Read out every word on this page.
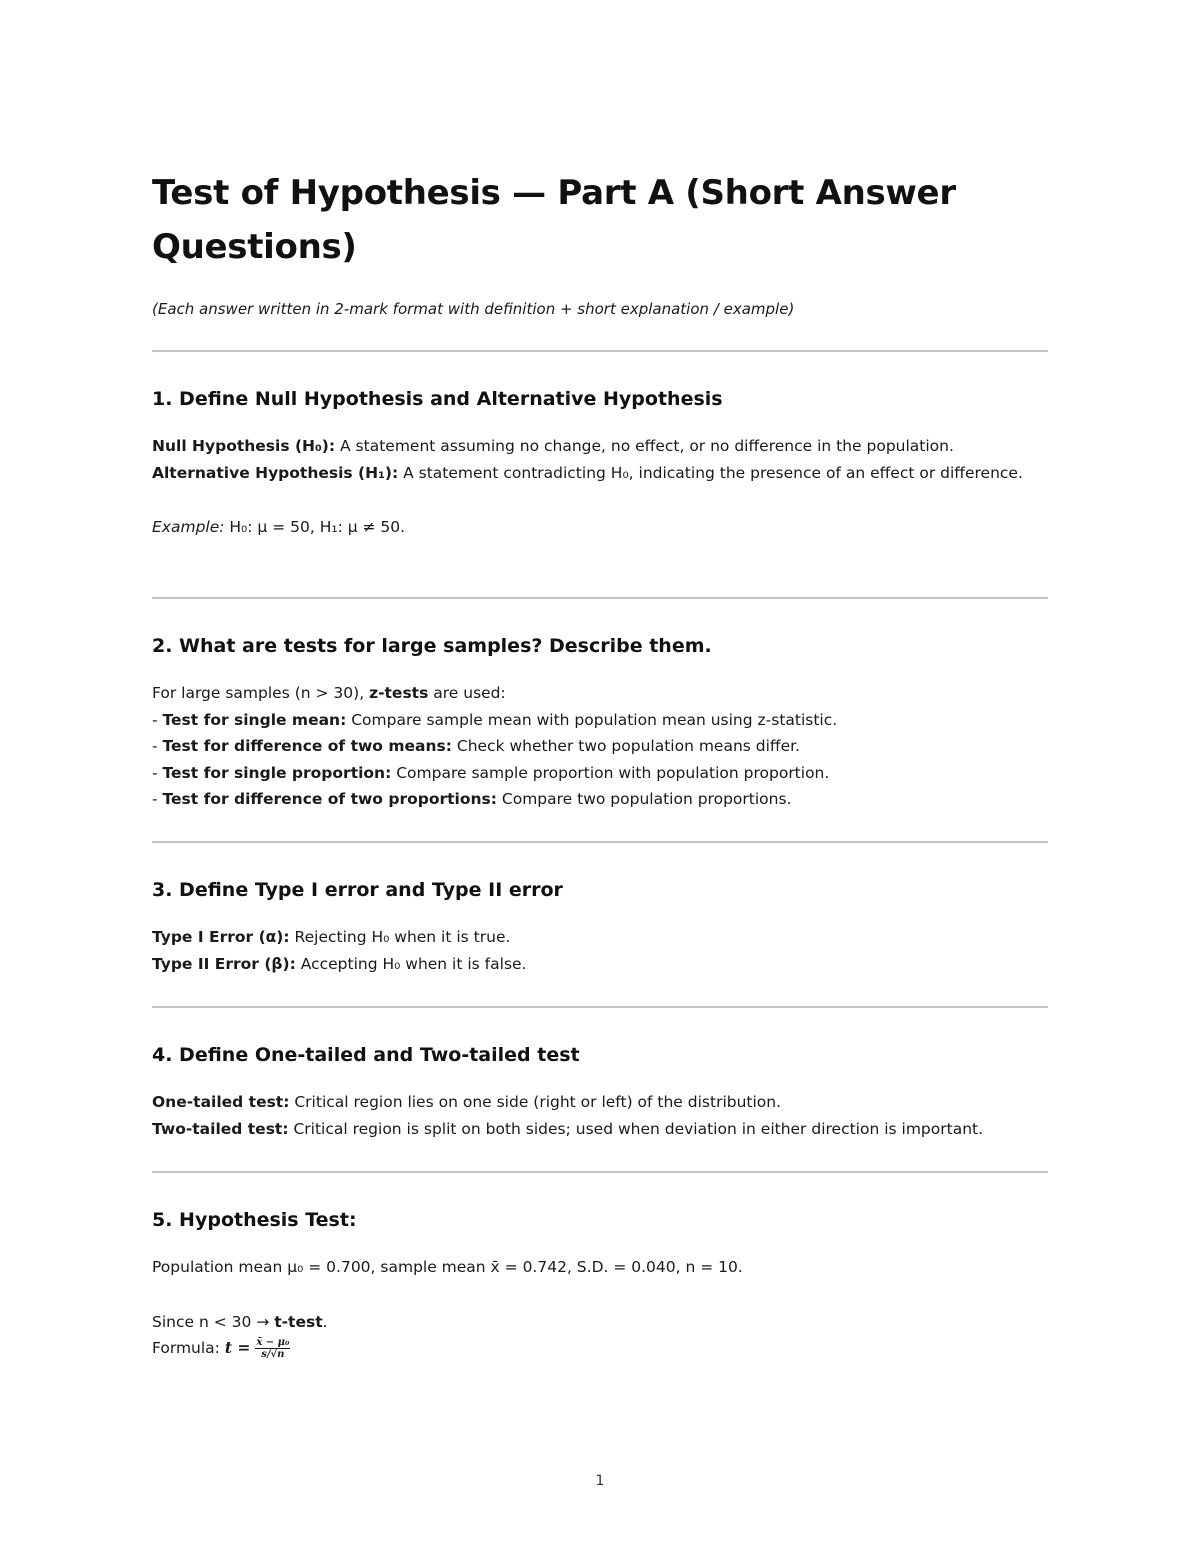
Test of Hypothesis — Part A (Short Answer Questions)

(Each answer written in 2-mark format with definition + short explanation / example)

1. Define Null Hypothesis and Alternative Hypothesis

Null Hypothesis (H₀): A statement assuming no change, no effect, or no difference in the population.

Alternative Hypothesis (H₁): A statement contradicting H₀, indicating the presence of an effect or difference.

Example: H₀: μ = 50, H₁: μ ≠ 50.

2. What are tests for large samples? Describe them.

For large samples (n > 30), z-tests are used:

- Test for single mean: Compare sample mean with population mean using z-statistic.

- Test for difference of two means: Check whether two population means differ.

- Test for single proportion: Compare sample proportion with population proportion.

- Test for difference of two proportions: Compare two population proportions.

3. Define Type I error and Type II error

Type I Error (α): Rejecting H₀ when it is true.

Type II Error (β): Accepting H₀ when it is false.

4. Define One-tailed and Two-tailed test

One-tailed test: Critical region lies on one side (right or left) of the distribution.

Two-tailed test: Critical region is split on both sides; used when deviation in either direction is important.

5. Hypothesis Test:

Population mean μ₀ = 0.700, sample mean x̄ = 0.742, S.D. = 0.040, n = 10.

Since n < 30 → t-test.

Formula: $t = \frac{\text{x̄ − μ₀}}{s/√n}$

1
